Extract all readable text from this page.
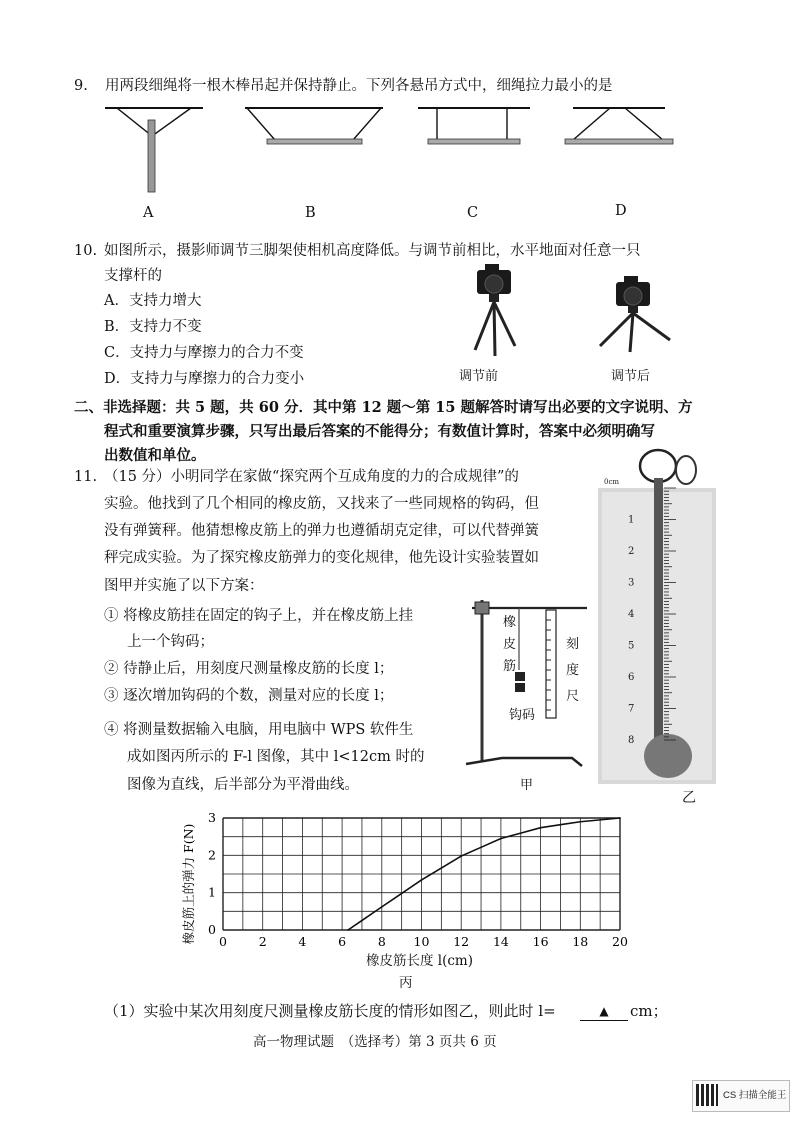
9. 用两段细绳将一根木棒吊起并保持静止。下列各悬吊方式中，细绳拉力最小的是
A	B	C	D
10. 如图所示，摄影师调节三脚架使相机高度降低。与调节前相比，水平地面对任意一只
支撑杆的
A．支持力增大
B．支持力不变
C．支持力与摩擦力的合力不变
D．支持力与摩擦力的合力变小	调节前	调节后
二、非选择题：共 5 题，共 60 分．其中第 12 题～第 15 题解答时请写出必要的文字说明、方
程式和重要演算步骤，只写出最后答案的不能得分；有数值计算时，答案中必须明确写
出数值和单位。
11. （15 分）小明同学在家做“探究两个互成角度的力的合成规律”的
实验。他找到了几个相同的橡皮筋，又找来了一些同规格的钩码，但
没有弹簧秤。他猜想橡皮筋上的弹力也遵循胡克定律，可以代替弹簧
秤完成实验。为了探究橡皮筋弹力的变化规律，他先设计实验装置如
图甲并实施了以下方案：
① 将橡皮筋挂在固定的钩子上，并在橡皮筋上挂
上一个钩码；
② 待静止后，用刻度尺测量橡皮筋的长度 l；
③ 逐次增加钩码的个数，测量对应的长度 l；
④ 将测量数据输入电脑，用电脑中 WPS 软件生
成如图丙所示的 F-l 图像，其中 l<12cm 时的
图像为直线，后半部分为平滑曲线。
橡
皮
筋
刻
度
尺
钩码
甲
1
2
3
4
5
6
7
8
0cm
乙
0	2	4	6	8 10 12 14 16 18 20
0
1
2
3
橡皮筋上的弹力 F(N)
橡皮筋长度 l(cm)
丙
（1）实验中某次用刻度尺测量橡皮筋长度的情形如图乙，则此时 l=	▲	cm；
高一物理试题　（选择考）第 3 页共 6 页
CS 扫描全能王
